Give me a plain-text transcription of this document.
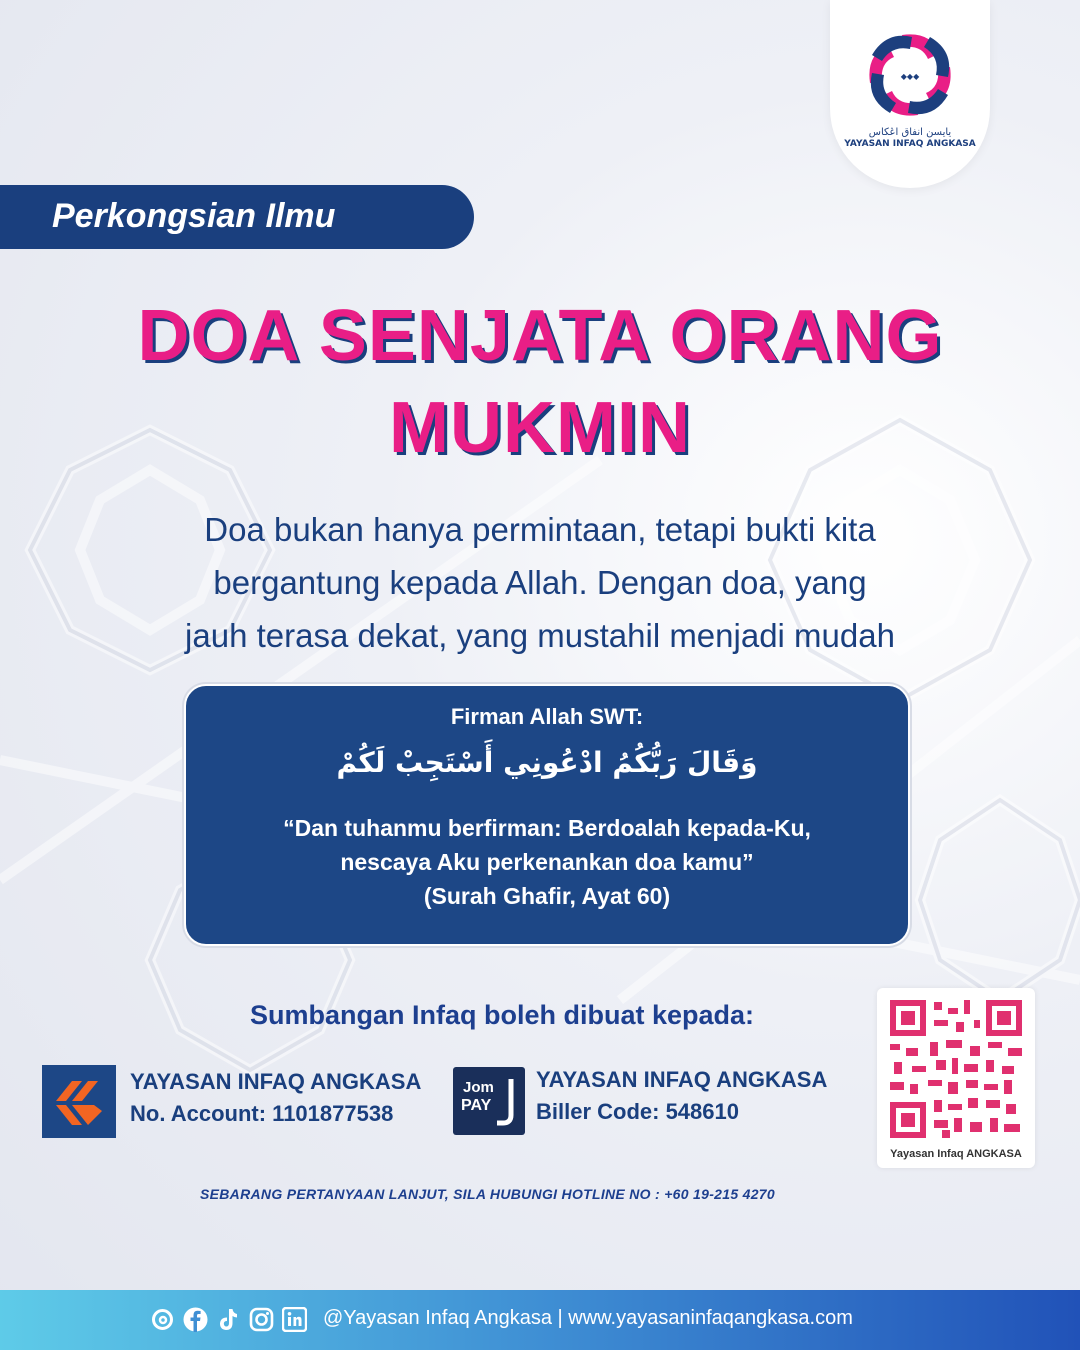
◆◆◆
يايسن انفاق اڠكاس
YAYASAN INFAQ ANGKASA
Perkongsian Ilmu
DOA SENJATA ORANG
MUKMIN
Doa bukan hanya permintaan, tetapi bukti kita
bergantung kepada Allah. Dengan doa, yang
jauh terasa dekat, yang mustahil menjadi mudah
Firman Allah SWT:
وَقَالَ رَبُّكُمُ ادْعُونِي أَسْتَجِبْ لَكُمْ
“Dan tuhanmu berfirman: Berdoalah kepada-Ku,
nescaya Aku perkenankan doa kamu”
(Surah Ghafir, Ayat 60)
Sumbangan Infaq boleh dibuat kepada:
YAYASAN INFAQ ANGKASA
No. Account: 1101877538
Jom
PAY
YAYASAN INFAQ ANGKASA
Biller Code: 548610
Yayasan Infaq ANGKASA
SEBARANG PERTANYAAN LANJUT, SILA HUBUNGI HOTLINE NO : +60 19-215 4270
@Yayasan Infaq Angkasa | www.yayasaninfaqangkasa.com
